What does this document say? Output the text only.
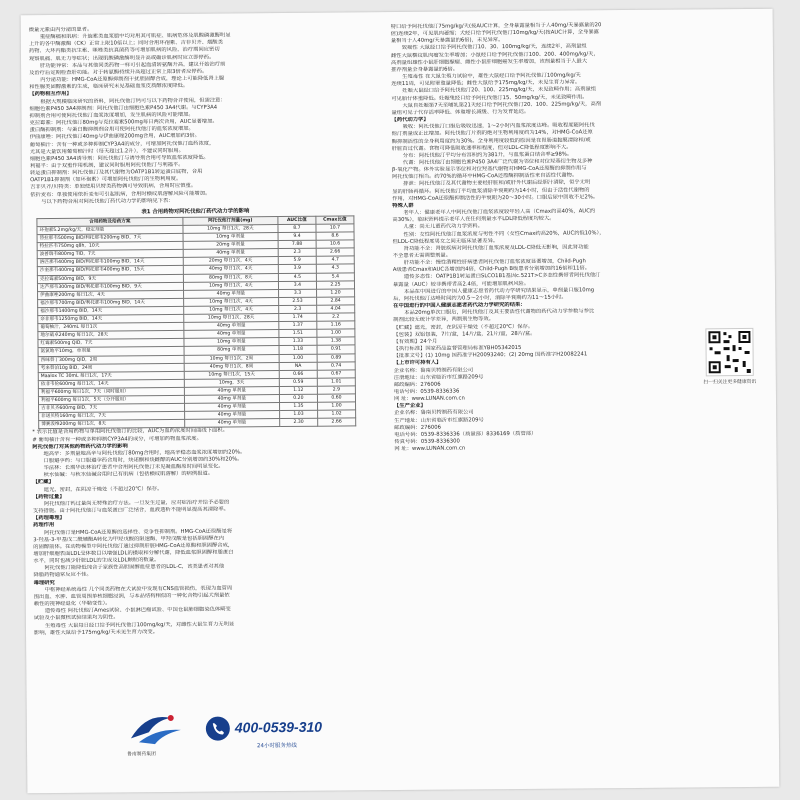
微量元素由内分泌的患者。
重症酶痛和肌病：升旋素类血浆脂中均对用其可肌症、肌病危体及肌酸磷激酶明显
上升的各中酶激酶（CK）正常上限10倍以上；同时合用环孢素、吉非贝齐、烟酸类
药物、大环内酯类抗生素、咪唑类抗真菌药等可增加肌病的风险，治疗期间应密切
观察肌痛、肌无力等症状；出现肌酸磷激酶明显升高或确诊肌病时应立即停药。
肝功能异常：本品与其他同类药物一样可引起血清转氨酶升高，建议开始治疗前
及治疗后定期检查肝功能。对于转氨酶持续升高超过正常上限3倍者应停药。
内分泌功能：HMG-CoA还原酶抑制剂干扰胆固醇合成，理论上可能降低肾上腺
和性腺类固醇激素的生成，临床研究未见基础血浆皮质醇浓度降低。
【药物相互作用】
根据大规模临床研究的资料，阿托伐他汀钙可与以下药物合并使用，但需注意：
细胞色素P450 3A4抑制剂：阿托伐他汀由细胞色素P450 3A4代谢。与CYP3A4
抑制剂合用可使阿托伐他汀血浆浓度增加，发生肌病的风险可能增加。
克拉霉素：阿托伐他汀80mg与克拉霉素500mg每日两次合用，AUC显著增加。
蛋白酶抑制剂：与蛋白酶抑制剂合用可使阿托伐他汀的血浆浓度增加。
伊曲康唑：阿托伐他汀40mg与伊曲康唑200mg合用，AUC增加约3倍。
葡萄柚汁：含有一种或多种抑制CYP3A4的成分，可增加阿托伐他汀血药浓度，
尤其是大量饮用葡萄柚汁时（每天超过1.2升），不建议同时服用。
细胞色素P450 3A4诱导剂：阿托伐他汀与诱导剂合用可导致血浆浓度降低。
利福平：由于双重作用机制，建议同时服用阿托伐他汀与利福平。
转运蛋白抑制剂：阿托伐他汀及其代谢物为OATP1B1转运蛋白底物，合用
OATP1B1抑制剂（如环孢素）可增加阿托伐他汀的生物利用度。
吉非贝齐/贝特类：单独使用贝特类药物偶可导致肌病，合用时应慎重。
依折麦布：单独使用依折麦布可引起肌病，合用时横纹肌溶解风险可能增加。
与以下药物合用对阿托伐他汀药代动力学的影响见下表：
表1 合用药物对阿托伐他汀药代动力学的影响
合用药物及给药方案	阿托伐他汀剂量(mg)	AUC比值	Cmax比值
环孢素5.2mg/kg/天，稳定剂量	10mg 每日1次，28天	8.7	10.7
替拉那韦500mg BID/利托那韦200mg BID，7天	10mg 单剂量	9.4	8.6
特拉匹韦750mg q8h，10天	20mg 单剂量	7.88	10.6
波普瑞韦800mg TID，7天	40mg 单剂量	2.3	2.66
洛匹那韦400mg BID/利托那韦100mg BID，14天	20mg 每日1次，4天	5.9	4.7
沙奎那韦400mg BID/利托那韦400mg BID，15天	40mg 每日1次，4天	3.9	4.3
克拉霉素500mg BID，9天	80mg 每日1次，8天	4.5	5.4
达芦那韦300mg BID/利托那韦100mg BID，9天	10mg 每日1次，4天	3.4	2.25
伊曲康唑200mg 每日1次，4天	40mg 单剂量	3.3	1.20
福沙那韦700mg BID/利托那韦100mg BID，14天	10mg 每日1次，4天	2.53	2.84
福沙那韦1400mg BID，14天	10mg 每日1次，4天	2.3	4.04
奈非那韦1250mg BID，14天	10mg 每日1次，28天	1.74	2.2
葡萄柚汁，240mL 每日1次	40mg 单剂量	1.37	1.16
地尔硫卓240mg 每日1次，28天	40mg 单剂量	1.51	1.00
红霉素500mg QID，7天	10mg 单剂量	1.33	1.38
氨氯地平10mg，单剂量	80mg 单剂量	1.18	0.91
西咪替丁300mg QID，2周	10mg 每日1次，2周	1.00	0.89
考来替泊10g BID，24周	40mg 每日1次，8周	NA	0.74
Maalox TC 30mL 每日1次，17天	10mg 每日1次，15天	0.66	0.67
依非韦伦600mg 每日1次，14天	10mg，3天	0.59	1.01
利福平600mg 每日1次，7天（同时服用）	40mg 单剂量	1.12	2.9
利福平600mg 每日1次，5天（分开服用）	40mg 单剂量	0.20	0.60
吉非贝齐600mg BID，7天	40mg 单剂量	1.35	1.00
非诺贝特160mg 每日1次，7天	40mg 单剂量	1.03	1.02
博赛泼维200mg 每日1次，8天	40mg 单剂量	2.30	2.66
* 表示比值是合用药物与单用阿托伐他汀的比较，AUC为血药浓度时间曲线下面积。
# 葡萄柚汁含有一种或多种抑制CYP3A4的成分，可增加药物血浆浓度。
阿托伐他汀对其他药物药代动力学的影响
地高辛：多剂量地高辛与阿托伐他汀80mg合用时，地高辛稳态血浆浓度增加约20%。
口服避孕药：与口服避孕药合用时，炔诺酮和炔雌醇的AUC分别增加约30%和20%。
华法林：长期华法林治疗患者中合用阿托伐他汀未见凝血酶原时间明显变化。
秋水仙碱：与秋水仙碱合用时已有肌病（包括横纹肌溶解）的病例报道。
【贮藏】
遮光，密封，在阴凉干燥处（不超过20℃）保存。
【药物过量】
阿托伐他汀钙过量尚无特殊治疗方法。一旦发生过量，应对症治疗并给予必要的
支持措施。由于阿托伐他汀与血浆蛋白广泛结合，血液透析不能明显提高其清除率。
【药理毒理】
药理作用
阿托伐他汀是HMG-CoA还原酶的选择性、竞争性抑制剂。HMG-CoA还原酶是将
3-羟基-3-甲基戊二酰辅酶A转化为甲羟戊酸的限速酶，甲羟戊酸是包括胆固醇在内
的固醇前体。在动物模型中阿托伐他汀通过抑制肝脏HMG-CoA还原酶和胆固醇合成，
增加肝细胞表面LDL受体数目以增强LDL的摄取和分解代谢，降低血浆胆固醇和脂蛋白
水平，同时也减少肝脏LDL的生成及LDL颗粒的数量。
阿托伐他汀能降低纯合子家族性高胆固醇血症患者的LDL-C，该类患者对其他
降脂药物通常反应不佳。
毒理研究
中枢神经系统毒性 几个同类药物在犬试验中发现有CNS血管损伤，表现为血管周
围出血、水肿、血管周围单核细胞浸润，与本品结构相似的一种化合物引起犬剂量依
赖性的视神经退化（华勒变性）。
遗传毒性 阿托伐他汀Ames试验、小鼠淋巴瘤试验、中国仓鼠肺细胞染色体畸变
试验及小鼠微核试验结果均为阴性。
生殖毒性 大鼠每日经口给予阿托伐他汀100mg/kg/天，对雌性大鼠生育力无明显
影响，雄性大鼠给予175mg/kg/天未见生育力改变。
特口给予阿托伐他汀75mg/kg/天(按AUC计算，全身暴露量相当于人40mg/天暴露量的20
倍)连续2年，可见肌肉萎缩；犬经口给予阿托伐他汀10mg/kg/天(按AUC计算，全身暴露
量相当于人40mg/天暴露量的6倍)，未见异常。
致癌性 大鼠经口给予阿托伐他汀10、30、100mg/kg/天，连续2年，高剂量组
雌性大鼠横纹肌肉瘤发生率增加；小鼠经口给予阿托伐他汀100、200、400mg/kg/天，
高剂量组雄性小鼠肝细胞腺瘤、雌性小鼠肝细胞癌发生率增加，该剂量相当于人最大
推荐剂量全身暴露量的6倍。
生殖毒性 在大鼠生殖力试验中，雄性大鼠经口给予阿托伐他汀100mg/kg/天
连续11周，可见附睾重量降低；雌性大鼠给予175mg/kg/天，未见生育力异常。
妊娠大鼠经口给予阿托伐他汀20、100、225mg/kg/天，未见致畸作用；高剂量组
可见胎仔体重降低。妊娠兔经口给予阿托伐他汀15、50mg/kg/天，未见致畸作用。
大鼠自妊娠第7天至哺乳第21天经口给予阿托伐他汀20、100、225mg/kg/天，高剂
量组可见子代存活率降低、体重增长减缓、行为发育延迟。
【药代动力学】
吸收：阿托伐他汀口服后吸收迅速，1～2小时内血浆浓度达峰。吸收程度随阿托伐
他汀剂量成正比增加。阿托伐他汀片剂的绝对生物利用度约为14%，对HMG-CoA还原
酶抑制活性的全身利用度约为30%。全身利用度较低的原因是在胃肠道黏膜清除和/或
肝脏首过代谢。食物可降低吸收速率和程度，但对LDL-C降低程度影响不大。
分布：阿托伐他汀平均分布容积约为381升，与血浆蛋白结合率≥98%。
代谢：阿托伐他汀由细胞色素P450 3A4广泛代谢为邻位和对位羟基衍生物及多种
β-氧化产物。体外实验显示邻位和对位羟基代谢物对HMG-CoA还原酶的抑制作用与
阿托伐他汀相当。约70%的循环中HMG-CoA还原酶抑制活性来自活性代谢物。
排泄：阿托伐他汀及其代谢物主要经肝脏和/或肝外代谢后经胆汁清除，似乎无明
显的肝肠再循环。阿托伐他汀平均血浆清除半衰期约为14小时，但由于活性代谢物的
作用，对HMG-CoA还原酶抑制活性的半衰期为20～30小时。口服后尿中回收不足2%。
特殊人群
老年人：健康老年人中阿托伐他汀血浆浓度较年轻人高（Cmax约高40%，AUC约
高30%），临床资料提示老年人在任何剂量水平LDL降低程度均较大。
儿童：尚无儿童药代动力学资料。
性别：女性阿托伐他汀血浆浓度与男性不同（女性Cmax约高20%，AUC约低10%），
但LDL-C降低程度男女之间无临床显著差异。
肾功能不全：肾脏疾病对阿托伐他汀血浆浓度及LDL-C降低无影响，因此肾功能
不全患者无需调整剂量。
肝功能不全：慢性酒精性肝病患者阿托伐他汀血浆浓度显著增加，Child-Pugh
A级患者Cmax和AUC各增加约4倍，Child-Pugh B级患者分别增加约16倍和11倍。
遗传多态性：OATP1B1转运蛋白SLCO1B1基因c.521T>C多态性携带者阿托伐他汀
暴露量（AUC）较非携带者高2.4倍，可能增加肌病风险。
本品在中国进行的中国人健康志愿者药代动力学研究结果显示，单剂量口服10mg
后，阿托伐他汀达峰时间约为0.5～2小时，消除半衰期约为11～15小时。
在中国进行的中国人健康志愿者药代动力学研究的结果：
本品20mg单次口服后，阿托伐他汀及其主要活性代谢物的药代动力学参数与参比
制剂比较无统计学差异，两制剂生物等效。
【贮藏】遮光，密封，在阴凉干燥处（不超过20℃）保存。
【包装】双铝包装，7片/盒，14片/盒，21片/盒，28片/盒。
【有效期】24个月
【执行标准】国家药品监督管理局标准YBH05342015
【批准文号】(1) 10mg 国药准字H20093240；(2) 20mg 国药准字H20082241
【上市许可持有人】
企业名称：鲁南贝特制药有限公司
注册地址：山东省临沂市红旗路209号
邮政编码：276006
电话号码：0539-8336336
网 址：www.LUNAN.com.cn
【生产企业】
企业名称：鲁南贝特制药有限公司
生产地址：山东省临沂市红旗路209号
邮政编码：276006
电话号码：0539-8336336（质量部）8336169（质管部）
传真号码：0539-8336300
网 址：www.LUNAN.com.cn
扫一扫关注更多健康资讯
鲁南制药集团
400-0539-310
24小时服务热线
